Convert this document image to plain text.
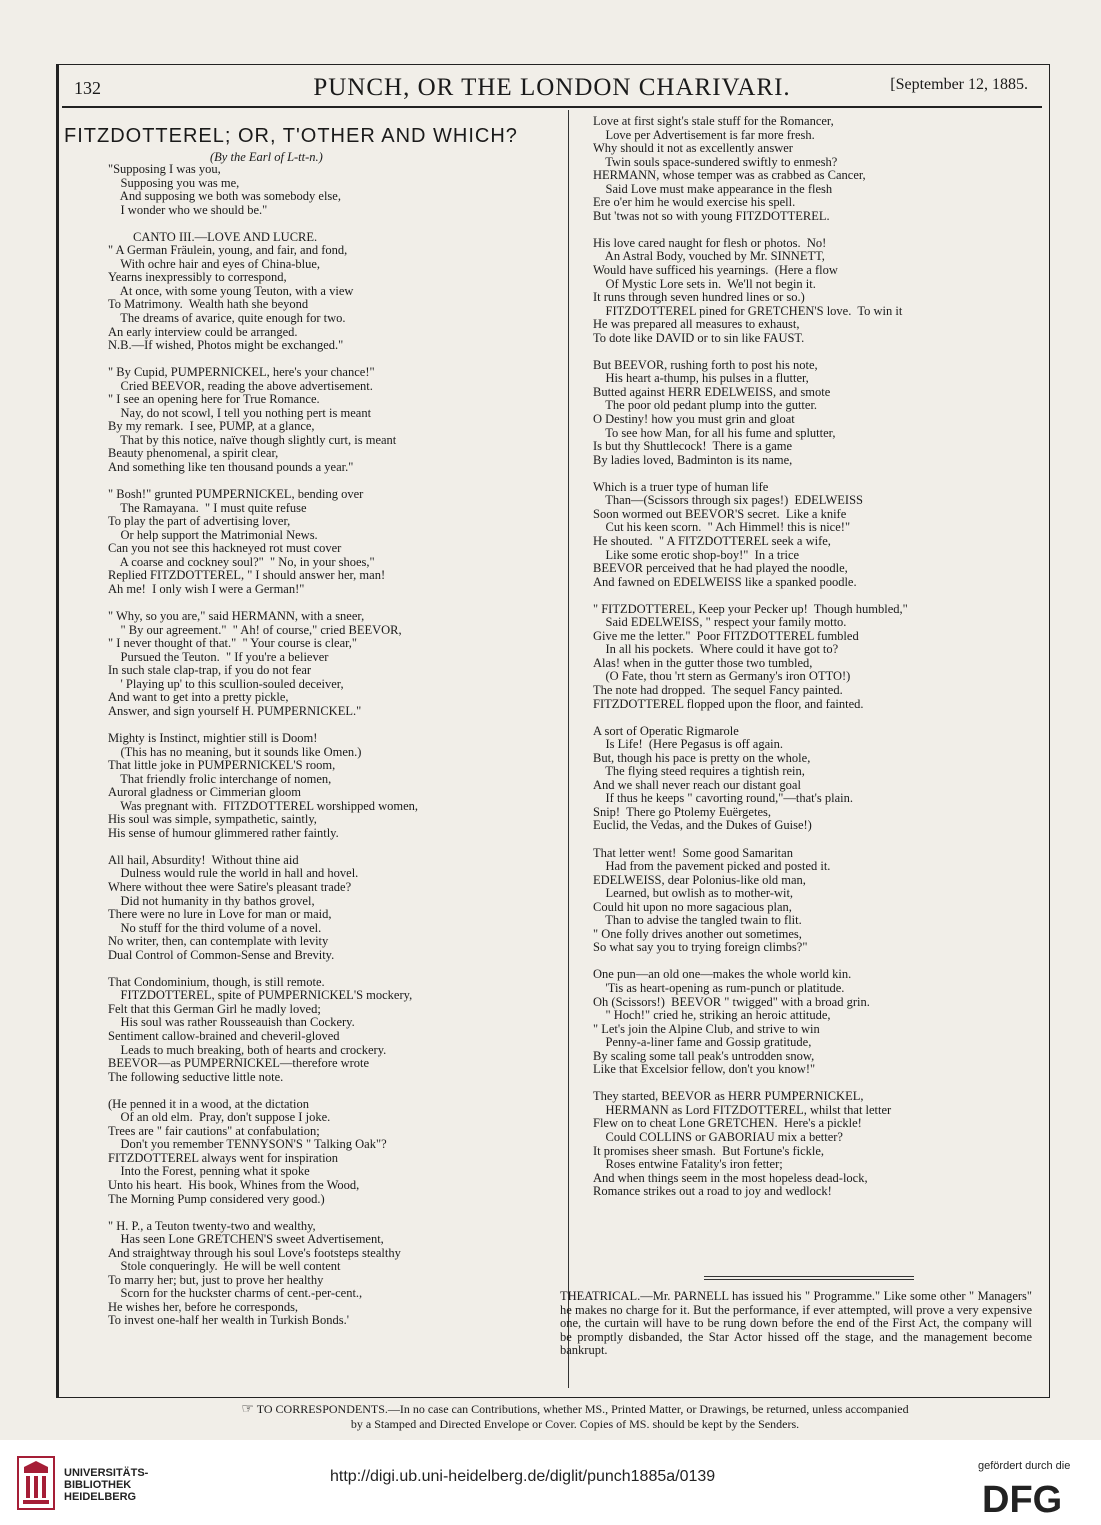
132	PUNCH, OR THE LONDON CHARIVARI.	[September 12, 1885.
FITZDOTTEREL; OR, T'OTHER AND WHICH?
(By the Earl of L-tt-n.)

"Supposing I was you,

Supposing you was me,

And supposing we both was somebody else,

I wonder who we should be."

CANTO III.—LOVE AND LUCRE.

" A German Fräulein, young, and fair, and fond,

With ochre hair and eyes of China-blue,

Yearns inexpressibly to correspond,

At once, with some young Teuton, with a view

To Matrimony.  Wealth hath she beyond

The dreams of avarice, quite enough for two.

An early interview could be arranged.

N.B.—If wished, Photos might be exchanged."

" By Cupid, PUMPERNICKEL, here's your chance!"

Cried BEEVOR, reading the above advertisement.

" I see an opening here for True Romance.

Nay, do not scowl, I tell you nothing pert is meant

By my remark.  I see, PUMP, at a glance,

That by this notice, naïve though slightly curt, is meant

Beauty phenomenal, a spirit clear,

And something like ten thousand pounds a year."

" Bosh!" grunted PUMPERNICKEL, bending over

The Ramayana.  " I must quite refuse

To play the part of advertising lover,

Or help support the Matrimonial News.

Can you not see this hackneyed rot must cover

A coarse and cockney soul?"  " No, in your shoes,"

Replied FITZDOTTEREL, " I should answer her, man!

Ah me!  I only wish I were a German!"

" Why, so you are," said HERMANN, with a sneer,

" By our agreement."  " Ah! of course," cried BEEVOR,

" I never thought of that."  " Your course is clear,"

Pursued the Teuton.  " If you're a believer

In such stale clap-trap, if you do not fear

' Playing up' to this scullion-souled deceiver,

And want to get into a pretty pickle,

Answer, and sign yourself H. PUMPERNICKEL."

Mighty is Instinct, mightier still is Doom!

(This has no meaning, but it sounds like Omen.)

That little joke in PUMPERNICKEL'S room,

That friendly frolic interchange of nomen,

Auroral gladness or Cimmerian gloom

Was pregnant with.  FITZDOTTEREL worshipped women,

His soul was simple, sympathetic, saintly,

His sense of humour glimmered rather faintly.

All hail, Absurdity!  Without thine aid

Dulness would rule the world in hall and hovel.

Where without thee were Satire's pleasant trade?

Did not humanity in thy bathos grovel,

There were no lure in Love for man or maid,

No stuff for the third volume of a novel.

No writer, then, can contemplate with levity

Dual Control of Common-Sense and Brevity.

That Condominium, though, is still remote.

FITZDOTTEREL, spite of PUMPERNICKEL'S mockery,

Felt that this German Girl he madly loved;

His soul was rather Rousseauish than Cockery.

Sentiment callow-brained and cheveril-gloved

Leads to much breaking, both of hearts and crockery.

BEEVOR—as PUMPERNICKEL—therefore wrote

The following seductive little note.

(He penned it in a wood, at the dictation

Of an old elm.  Pray, don't suppose I joke.

Trees are " fair cautions" at confabulation;

Don't you remember TENNYSON'S " Talking Oak"?

FITZDOTTEREL always went for inspiration

Into the Forest, penning what it spoke

Unto his heart.  His book, Whines from the Wood,

The Morning Pump considered very good.)

" H. P., a Teuton twenty-two and wealthy,

Has seen Lone GRETCHEN'S sweet Advertisement,

And straightway through his soul Love's footsteps stealthy

Stole conqueringly.  He will be well content

To marry her; but, just to prove her healthy

Scorn for the huckster charms of cent.-per-cent.,

He wishes her, before he corresponds,

To invest one-half her wealth in Turkish Bonds.'

Love at first sight's stale stuff for the Romancer,

Love per Advertisement is far more fresh.

Why should it not as excellently answer

Twin souls space-sundered swiftly to enmesh?

HERMANN, whose temper was as crabbed as Cancer,

Said Love must make appearance in the flesh

Ere o'er him he would exercise his spell.

But 'twas not so with young FITZDOTTEREL.

His love cared naught for flesh or photos.  No!

An Astral Body, vouched by Mr. SINNETT,

Would have sufficed his yearnings.  (Here a flow

Of Mystic Lore sets in.  We'll not begin it.

It runs through seven hundred lines or so.)

FITZDOTTEREL pined for GRETCHEN'S love.  To win it

He was prepared all measures to exhaust,

To dote like DAVID or to sin like FAUST.

But BEEVOR, rushing forth to post his note,

His heart a-thump, his pulses in a flutter,

Butted against HERR EDELWEISS, and smote

The poor old pedant plump into the gutter.

O Destiny! how you must grin and gloat

To see how Man, for all his fume and splutter,

Is but thy Shuttlecock!  There is a game

By ladies loved, Badminton is its name,

Which is a truer type of human life

Than—(Scissors through six pages!)  EDELWEISS

Soon wormed out BEEVOR'S secret.  Like a knife

Cut his keen scorn.  " Ach Himmel! this is nice!"

He shouted.  " A FITZDOTTEREL seek a wife,

Like some erotic shop-boy!"  In a trice

BEEVOR perceived that he had played the noodle,

And fawned on EDELWEISS like a spanked poodle.

" FITZDOTTEREL, Keep your Pecker up!  Though humbled,"

Said EDELWEISS, " respect your family motto.

Give me the letter."  Poor FITZDOTTEREL fumbled

In all his pockets.  Where could it have got to?

Alas! when in the gutter those two tumbled,

(O Fate, thou 'rt stern as Germany's iron OTTO!)

The note had dropped.  The sequel Fancy painted.

FITZDOTTEREL flopped upon the floor, and fainted.

A sort of Operatic Rigmarole

Is Life!  (Here Pegasus is off again.

But, though his pace is pretty on the whole,

The flying steed requires a tightish rein,

And we shall never reach our distant goal

If thus he keeps " cavorting round,"—that's plain.

Snip!  There go Ptolemy Euërgetes,

Euclid, the Vedas, and the Dukes of Guise!)

That letter went!  Some good Samaritan

Had from the pavement picked and posted it.

EDELWEISS, dear Polonius-like old man,

Learned, but owlish as to mother-wit,

Could hit upon no more sagacious plan,

Than to advise the tangled twain to flit.

" One folly drives another out sometimes,

So what say you to trying foreign climbs?"

One pun—an old one—makes the whole world kin.

'Tis as heart-opening as rum-punch or platitude.

Oh (Scissors!)  BEEVOR " twigged" with a broad grin.

" Hoch!" cried he, striking an heroic attitude,

" Let's join the Alpine Club, and strive to win

Penny-a-liner fame and Gossip gratitude,

By scaling some tall peak's untrodden snow,

Like that Excelsior fellow, don't you know!"

They started, BEEVOR as HERR PUMPERNICKEL,

HERMANN as Lord FITZDOTTEREL, whilst that letter

Flew on to cheat Lone GRETCHEN.  Here's a pickle!

Could COLLINS or GABORIAU mix a better?

It promises sheer smash.  But Fortune's fickle,

Roses entwine Fatality's iron fetter;

And when things seem in the most hopeless dead-lock,

Romance strikes out a road to joy and wedlock!

THEATRICAL.—Mr. PARNELL has issued his " Programme." Like some other " Managers" he makes no charge for it. But the performance, if ever attempted, will prove a very expensive one, the curtain will have to be rung down before the end of the First Act, the company will be promptly disbanded, the Star Actor hissed off the stage, and the management become bankrupt.
☞ TO CORRESPONDENTS.—In no case can Contributions, whether MS., Printed Matter, or Drawings, be returned, unless accompanied
by a Stamped and Directed Envelope or Cover. Copies of MS. should be kept by the Senders.
UNIVERSITÄTS-
BIBLIOTHEK
HEIDELBERG
http://digi.ub.uni-heidelberg.de/diglit/punch1885a/0139
gefördert durch die
DFG
